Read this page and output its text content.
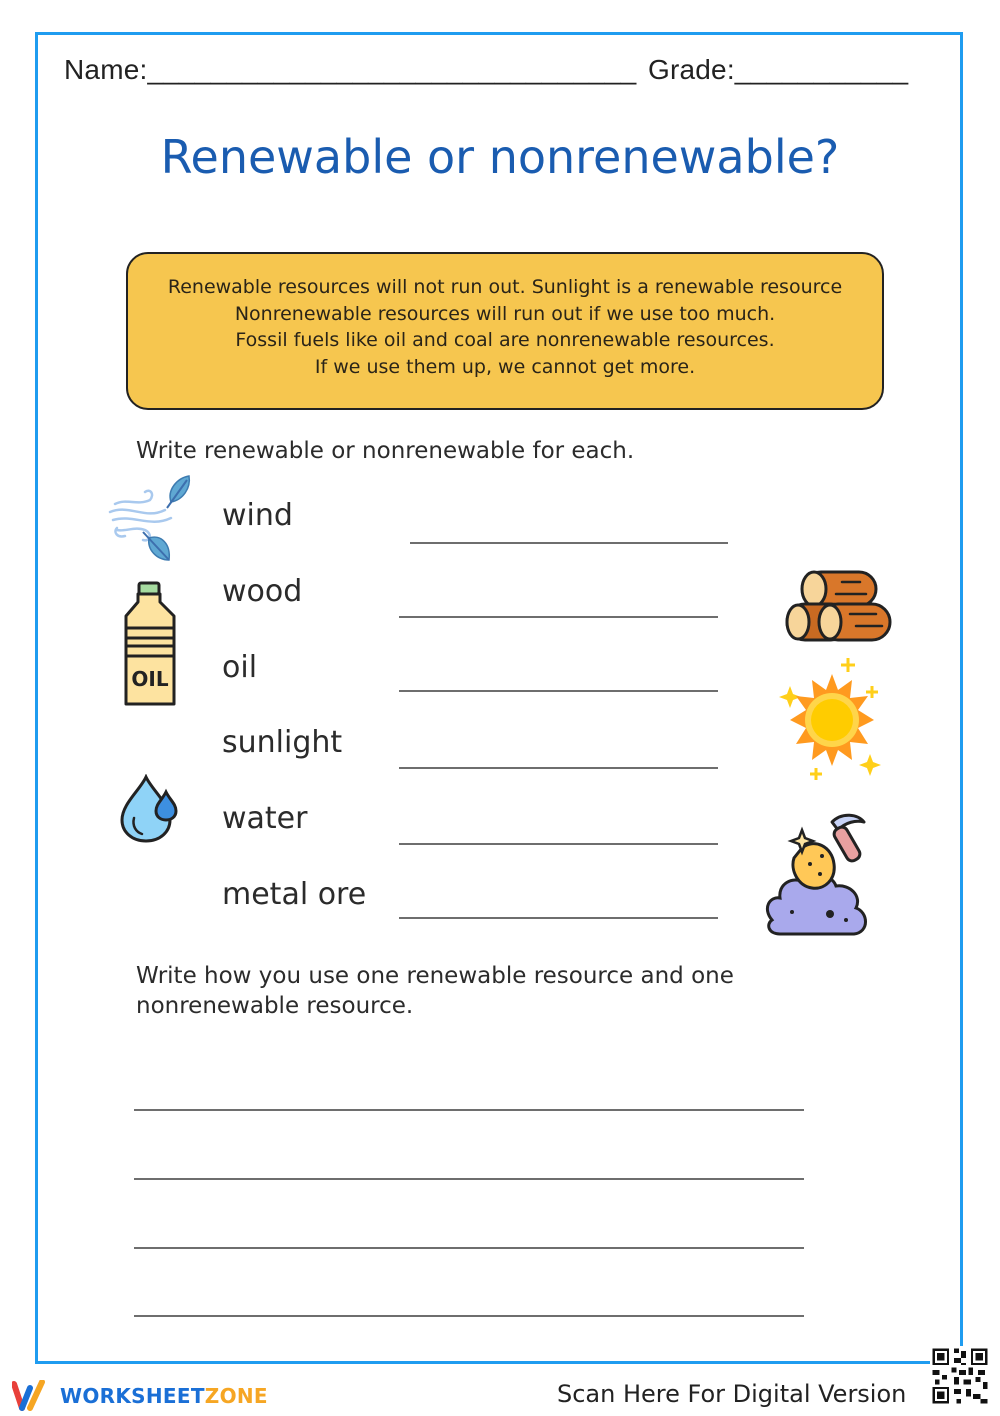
Name:_______________________________ Grade:___________
Renewable or nonrenewable?
Renewable resources will not run out. Sunlight is a renewable resource
Nonrenewable resources will run out if we use too much.
Fossil fuels like oil and coal are nonrenewable resources.
If we use them up, we cannot get more.
Write renewable or nonrenewable for each.
wind
wood
oil
sunlight
water
metal ore
OIL
Write how you use one renewable resource and one
nonrenewable resource.
WORKSHEETZONE	Scan Here For Digital Version
